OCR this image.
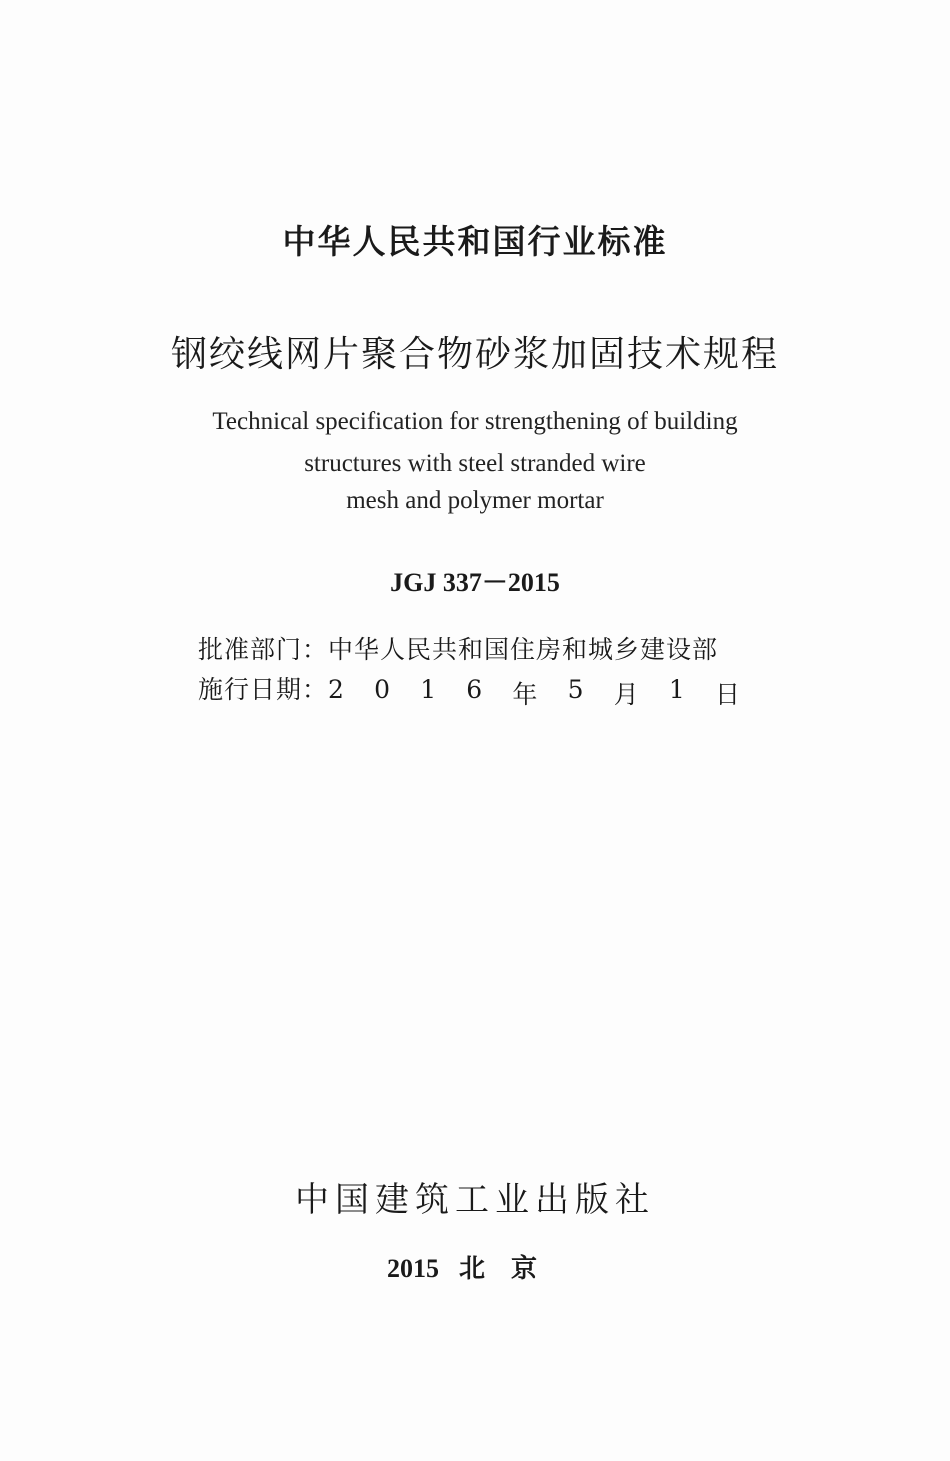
中华人民共和国行业标准
钢绞线网片聚合物砂浆加固技术规程
Technical specification for strengthening of building
structures with steel stranded wire
mesh and polymer mortar
JGJ 337－2015
批准部门： 中华人民共和国住房和城乡建设部
施行日期： 2 0 1 6 年 5 月 1 日
中国建筑工业出版社
2015 北京
